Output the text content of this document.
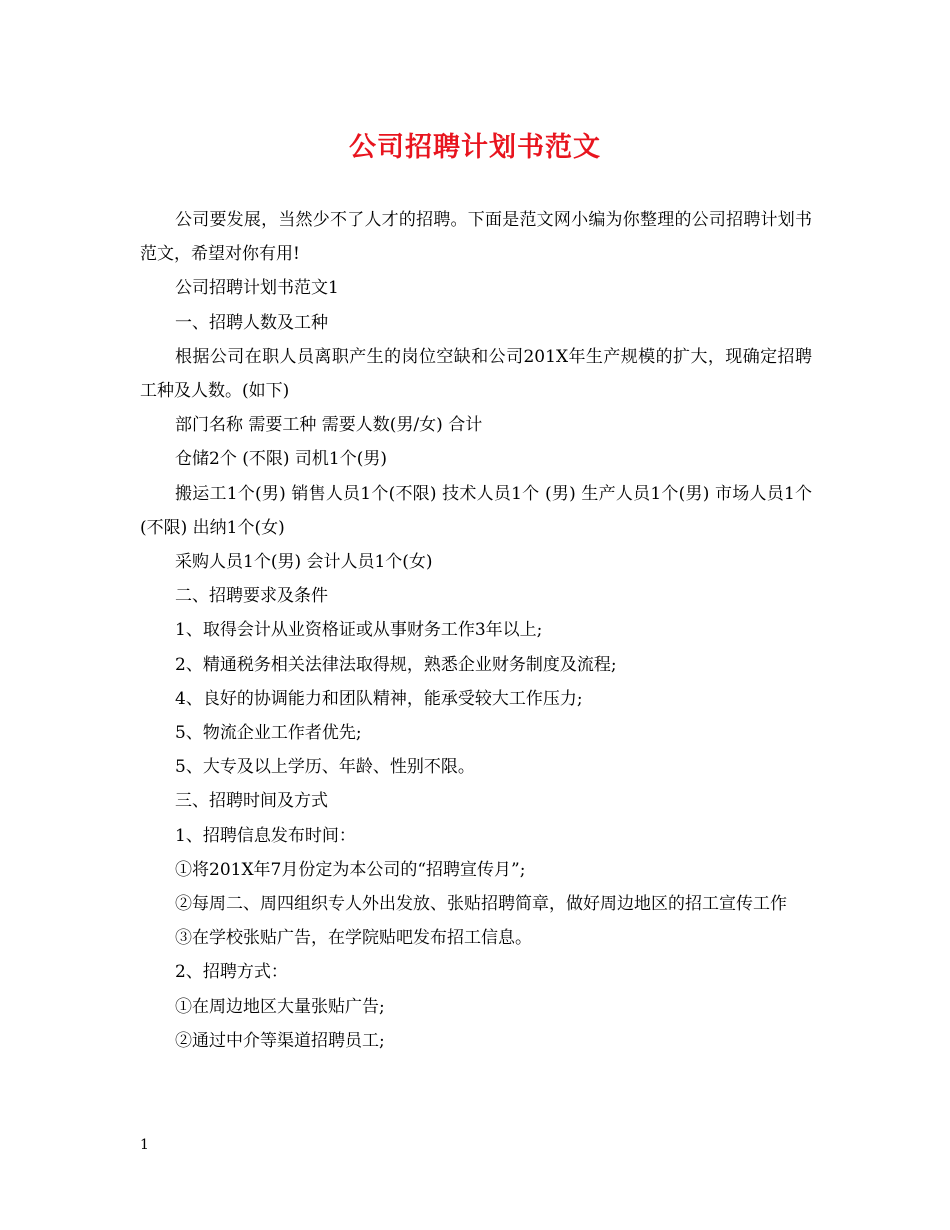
公司招聘计划书范文

公司要发展，当然少不了人才的招聘。下面是范文网小编为你整理的公司招聘计划书范文，希望对你有用!

公司招聘计划书范文1

一、招聘人数及工种

根据公司在职人员离职产生的岗位空缺和公司201X年生产规模的扩大，现确定招聘工种及人数。(如下)

部门名称 需要工种 需要人数(男/女) 合计

仓储2个 (不限) 司机1个(男)

搬运工1个(男) 销售人员1个(不限) 技术人员1个 (男) 生产人员1个(男) 市场人员1个 (不限) 出纳1个(女)

采购人员1个(男) 会计人员1个(女)

二、招聘要求及条件

1、取得会计从业资格证或从事财务工作3年以上;

2、精通税务相关法律法取得规，熟悉企业财务制度及流程;

4、良好的协调能力和团队精神，能承受较大工作压力;

5、物流企业工作者优先;

5、大专及以上学历、年龄、性别不限。

三、招聘时间及方式

1、招聘信息发布时间：

①将201X年7月份定为本公司的“招聘宣传月”;

②每周二、周四组织专人外出发放、张贴招聘简章，做好周边地区的招工宣传工作

③在学校张贴广告，在学院贴吧发布招工信息。

2、招聘方式：

①在周边地区大量张贴广告;

②通过中介等渠道招聘员工;

1
